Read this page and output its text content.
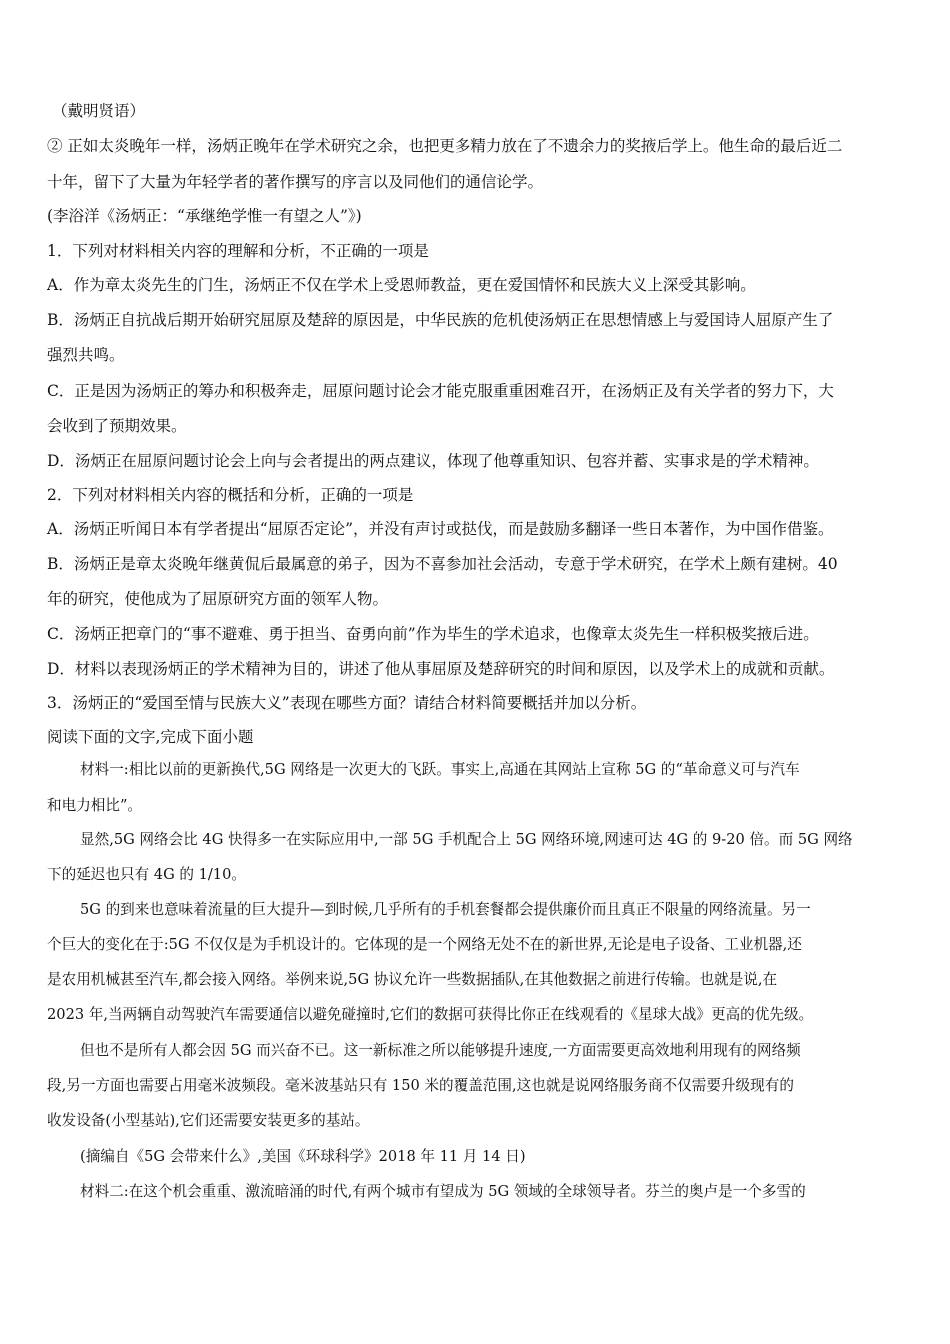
（戴明贤语）
② 正如太炎晚年一样，汤炳正晚年在学术研究之余，也把更多精力放在了不遗余力的奖掖后学上。他生命的最后近二
十年，留下了大量为年轻学者的著作撰写的序言以及同他们的通信论学。
(李浴洋《汤炳正：“承继绝学惟一有望之人”》)
1．下列对材料相关内容的理解和分析，不正确的一项是
A．作为章太炎先生的门生，汤炳正不仅在学术上受恩师教益，更在爱国情怀和民族大义上深受其影响。
B．汤炳正自抗战后期开始研究屈原及楚辞的原因是，中华民族的危机使汤炳正在思想情感上与爱国诗人屈原产生了
强烈共鸣。
C．正是因为汤炳正的筹办和积极奔走，屈原问题讨论会才能克服重重困难召开，在汤炳正及有关学者的努力下，大
会收到了预期效果。
D．汤炳正在屈原问题讨论会上向与会者提出的两点建议，体现了他尊重知识、包容并蓄、实事求是的学术精神。
2．下列对材料相关内容的概括和分析，正确的一项是
A．汤炳正听闻日本有学者提出“屈原否定论”，并没有声讨或挞伐，而是鼓励多翻译一些日本著作，为中国作借鉴。
B．汤炳正是章太炎晚年继黄侃后最属意的弟子，因为不喜参加社会活动，专意于学术研究，在学术上颇有建树。40
年的研究，使他成为了屈原研究方面的领军人物。
C．汤炳正把章门的“事不避难、勇于担当、奋勇向前”作为毕生的学术追求，也像章太炎先生一样积极奖掖后进。
D．材料以表现汤炳正的学术精神为目的，讲述了他从事屈原及楚辞研究的时间和原因，以及学术上的成就和贡献。
3．汤炳正的“爱国至情与民族大义”表现在哪些方面？请结合材料简要概括并加以分析。
阅读下面的文字,完成下面小题
材料一:相比以前的更新换代,5G 网络是一次更大的飞跃。事实上,高通在其网站上宣称 5G 的“革命意义可与汽车
和电力相比”。
显然,5G 网络会比 4G 快得多一在实际应用中,一部 5G 手机配合上 5G 网络环境,网速可达 4G 的 9-20 倍。而 5G 网络
下的延迟也只有 4G 的 1/10。
5G 的到来也意味着流量的巨大提升—到时候,几乎所有的手机套餐都会提供廉价而且真正不限量的网络流量。另一
个巨大的变化在于:5G 不仅仅是为手机设计的。它体现的是一个网络无处不在的新世界,无论是电子设备、工业机器,还
是农用机械甚至汽车,都会接入网络。举例来说,5G 协议允许一些数据插队,在其他数据之前进行传输。也就是说,在
2023 年,当两辆自动驾驶汽车需要通信以避免碰撞时,它们的数据可获得比你正在线观看的《星球大战》更高的优先级。
但也不是所有人都会因 5G 而兴奋不已。这一新标准之所以能够提升速度,一方面需要更高效地利用现有的网络频
段,另一方面也需要占用毫米波频段。毫米波基站只有 150 米的覆盖范围,这也就是说网络服务商不仅需要升级现有的
收发设备(小型基站),它们还需要安装更多的基站。
(摘编自《5G 会带来什么》,美国《环球科学》2018 年 11 月 14 日)
材料二:在这个机会重重、激流暗涌的时代,有两个城市有望成为 5G 领域的全球领导者。芬兰的奥卢是一个多雪的
